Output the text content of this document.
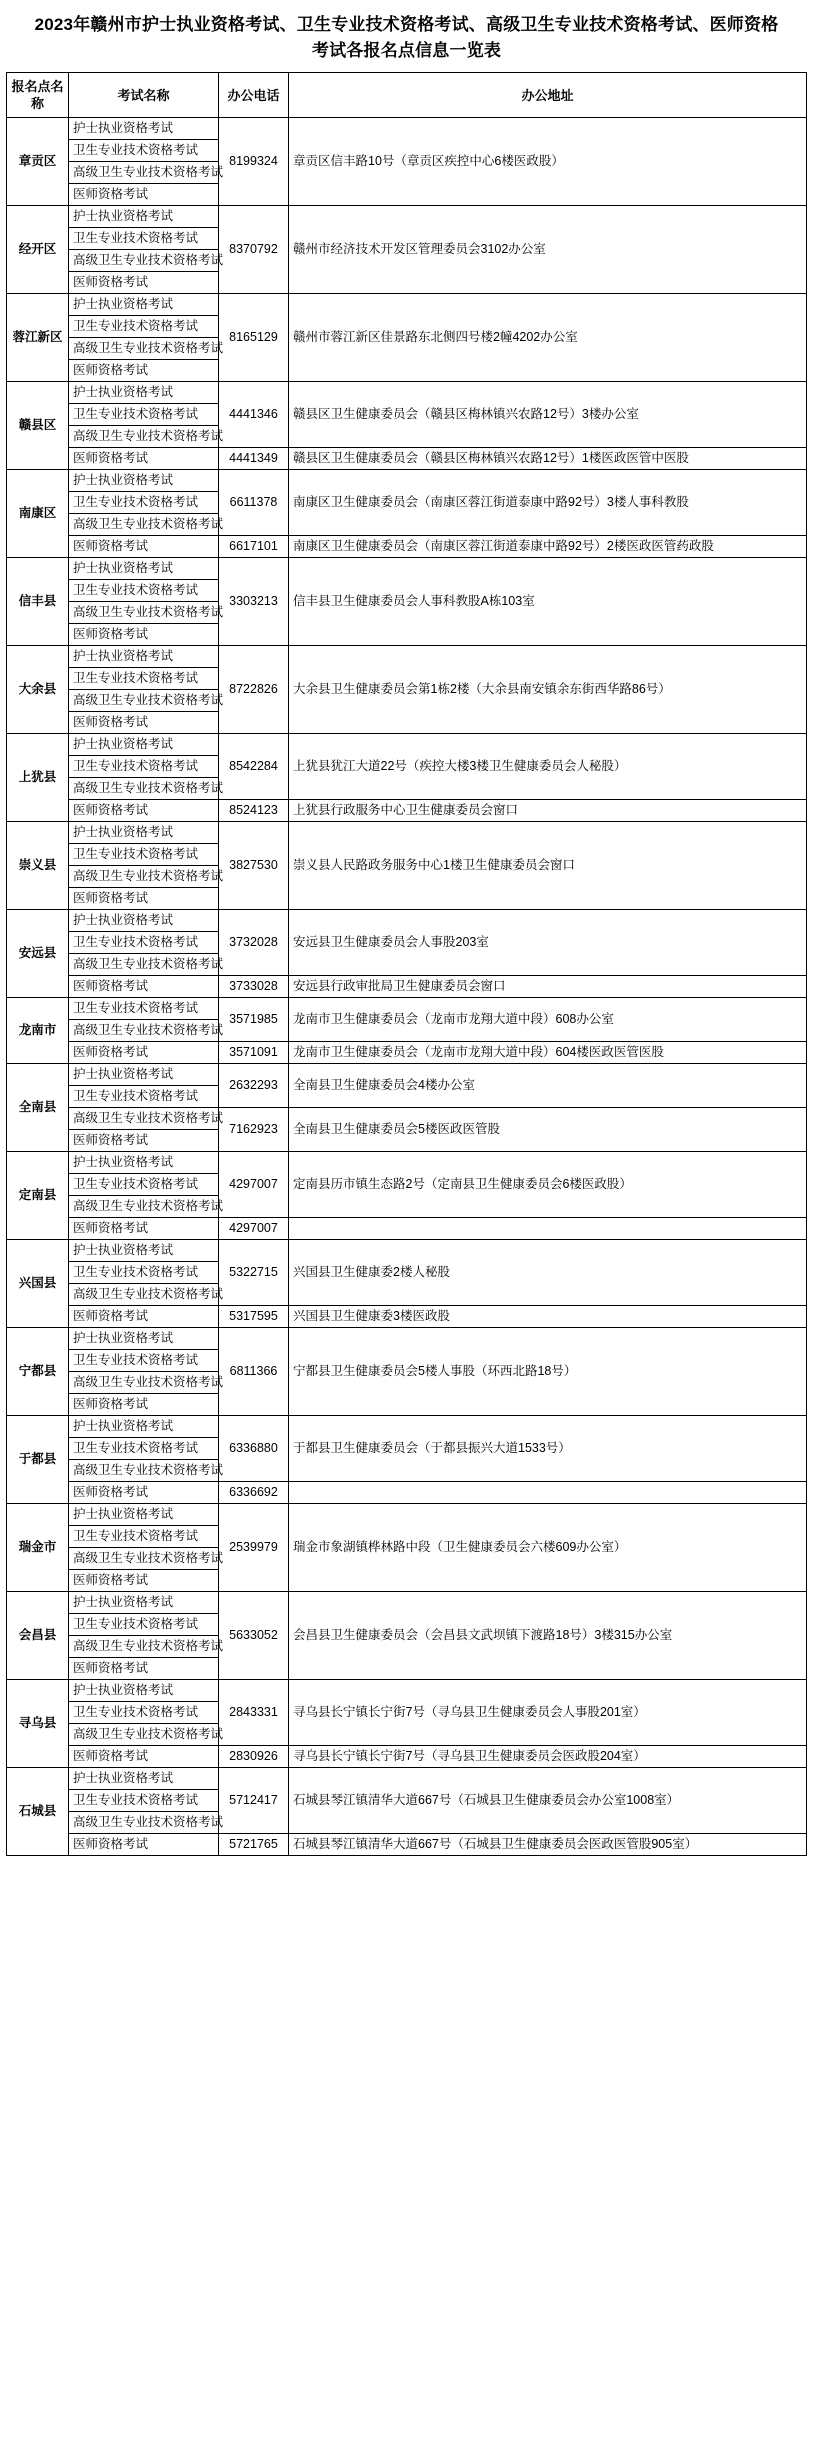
2023年赣州市护士执业资格考试、卫生专业技术资格考试、高级卫生专业技术资格考试、医师资格考试各报名点信息一览表
报名点名称	考试名称	办公电话	办公地址
章贡区	护士执业资格考试	8199324	章贡区信丰路10号（章贡区疾控中心6楼医政股）
	卫生专业技术资格考试		
	高级卫生专业技术资格考试		
	医师资格考试		
经开区	护士执业资格考试	8370792	赣州市经济技术开发区管理委员会3102办公室
	卫生专业技术资格考试		
	高级卫生专业技术资格考试		
	医师资格考试		
蓉江新区	护士执业资格考试	8165129	赣州市蓉江新区佳景路东北侧四号楼2幢4202办公室
	卫生专业技术资格考试		
	高级卫生专业技术资格考试		
	医师资格考试		
赣县区	护士执业资格考试	4441346	赣县区卫生健康委员会（赣县区梅林镇兴农路12号）3楼办公室
	卫生专业技术资格考试		
	高级卫生专业技术资格考试		
	医师资格考试	4441349	赣县区卫生健康委员会（赣县区梅林镇兴农路12号）1楼医政医管中医股
南康区	护士执业资格考试	6611378	南康区卫生健康委员会（南康区蓉江街道泰康中路92号）3楼人事科教股
	卫生专业技术资格考试		
	高级卫生专业技术资格考试		
	医师资格考试	6617101	南康区卫生健康委员会（南康区蓉江街道泰康中路92号）2楼医政医管药政股
信丰县	护士执业资格考试	3303213	信丰县卫生健康委员会人事科教股A栋103室
	卫生专业技术资格考试		
	高级卫生专业技术资格考试		
	医师资格考试		
大余县	护士执业资格考试	8722826	大余县卫生健康委员会第1栋2楼（大余县南安镇余东街西华路86号）
	卫生专业技术资格考试		
	高级卫生专业技术资格考试		
	医师资格考试		
上犹县	护士执业资格考试	8542284	上犹县犹江大道22号（疾控大楼3楼卫生健康委员会人秘股）
	卫生专业技术资格考试		
	高级卫生专业技术资格考试		
	医师资格考试	8524123	上犹县行政服务中心卫生健康委员会窗口
崇义县	护士执业资格考试	3827530	崇义县人民路政务服务中心1楼卫生健康委员会窗口
	卫生专业技术资格考试		
	高级卫生专业技术资格考试		
	医师资格考试		
安远县	护士执业资格考试	3732028	安远县卫生健康委员会人事股203室
	卫生专业技术资格考试		
	高级卫生专业技术资格考试		
	医师资格考试	3733028	安远县行政审批局卫生健康委员会窗口
龙南市	卫生专业技术资格考试	3571985	龙南市卫生健康委员会（龙南市龙翔大道中段）608办公室
	高级卫生专业技术资格考试		
	医师资格考试	3571091	龙南市卫生健康委员会（龙南市龙翔大道中段）604楼医政医管医股
全南县	护士执业资格考试	2632293	全南县卫生健康委员会4楼办公室
	卫生专业技术资格考试		
	高级卫生专业技术资格考试	7162923	全南县卫生健康委员会5楼医政医管股
	医师资格考试		
定南县	护士执业资格考试	4297007	定南县历市镇生态路2号（定南县卫生健康委员会6楼医政股）
	卫生专业技术资格考试		
	高级卫生专业技术资格考试		
	医师资格考试	4297007	
兴国县	护士执业资格考试	5322715	兴国县卫生健康委2楼人秘股
	卫生专业技术资格考试		
	高级卫生专业技术资格考试		
	医师资格考试	5317595	兴国县卫生健康委3楼医政股
宁都县	护士执业资格考试	6811366	宁都县卫生健康委员会5楼人事股（环西北路18号）
	卫生专业技术资格考试		
	高级卫生专业技术资格考试		
	医师资格考试		
于都县	护士执业资格考试	6336880	于都县卫生健康委员会（于都县振兴大道1533号）
	卫生专业技术资格考试		
	高级卫生专业技术资格考试		
	医师资格考试	6336692	
瑞金市	护士执业资格考试	2539979	瑞金市象湖镇桦林路中段（卫生健康委员会六楼609办公室）
	卫生专业技术资格考试		
	高级卫生专业技术资格考试		
	医师资格考试		
会昌县	护士执业资格考试	5633052	会昌县卫生健康委员会（会昌县文武坝镇下渡路18号）3楼315办公室
	卫生专业技术资格考试		
	高级卫生专业技术资格考试		
	医师资格考试		
寻乌县	护士执业资格考试	2843331	寻乌县长宁镇长宁街7号（寻乌县卫生健康委员会人事股201室）
	卫生专业技术资格考试		
	高级卫生专业技术资格考试		
	医师资格考试	2830926	寻乌县长宁镇长宁街7号（寻乌县卫生健康委员会医政股204室）
石城县	护士执业资格考试	5712417	石城县琴江镇清华大道667号（石城县卫生健康委员会办公室1008室）
	卫生专业技术资格考试		
	高级卫生专业技术资格考试		
	医师资格考试	5721765	石城县琴江镇清华大道667号（石城县卫生健康委员会医政医管股905室）
